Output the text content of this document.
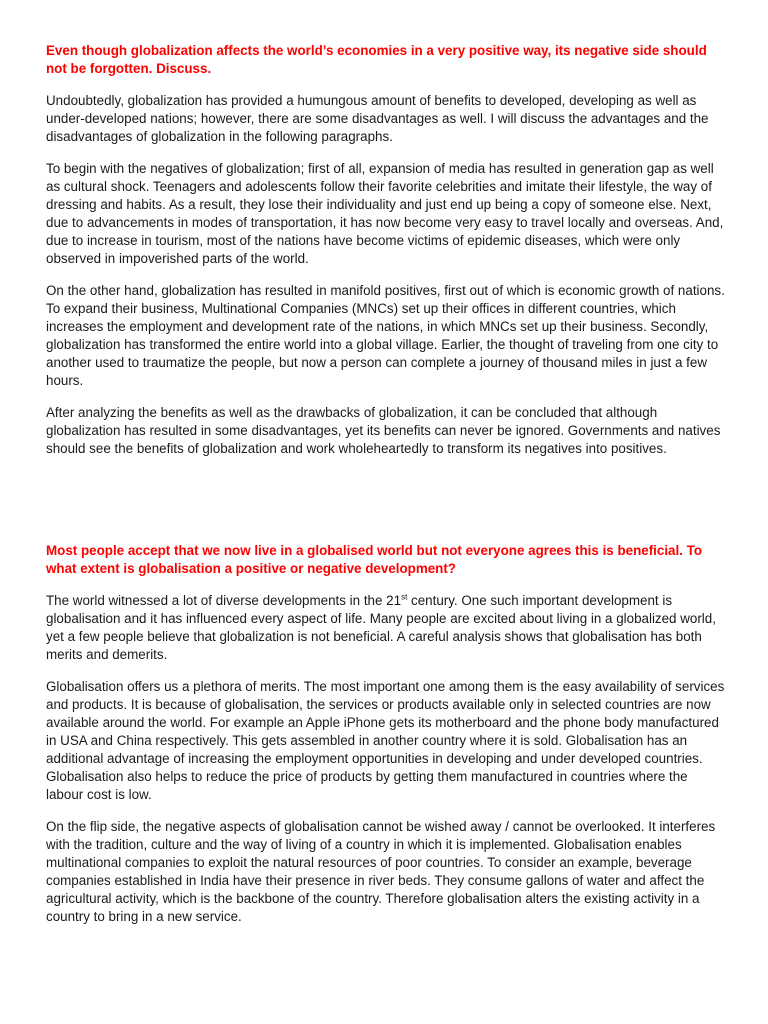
Even though globalization affects the world’s economies in a very positive way, its negative side should not be forgotten. Discuss.

Undoubtedly, globalization has provided a humungous amount of benefits to developed, developing as well as under-developed nations; however, there are some disadvantages as well. I will discuss the advantages and the disadvantages of globalization in the following paragraphs.

To begin with the negatives of globalization; first of all, expansion of media has resulted in generation gap as well as cultural shock. Teenagers and adolescents follow their favorite celebrities and imitate their lifestyle, the way of dressing and habits. As a result, they lose their individuality and just end up being a copy of someone else. Next, due to advancements in modes of transportation, it has now become very easy to travel locally and overseas. And, due to increase in tourism, most of the nations have become victims of epidemic diseases, which were only observed in impoverished parts of the world.

On the other hand, globalization has resulted in manifold positives, first out of which is economic growth of nations. To expand their business, Multinational Companies (MNCs) set up their offices in different countries, which increases the employment and development rate of the nations, in which MNCs set up their business. Secondly, globalization has transformed the entire world into a global village. Earlier, the thought of traveling from one city to another used to traumatize the people, but now a person can complete a journey of thousand miles in just a few hours.

After analyzing the benefits as well as the drawbacks of globalization, it can be concluded that although globalization has resulted in some disadvantages, yet its benefits can never be ignored. Governments and natives should see the benefits of globalization and work wholeheartedly to transform its negatives into positives.

Most people accept that we now live in a globalised world but not everyone agrees this is beneficial. To what extent is globalisation a positive or negative development?

The world witnessed a lot of diverse developments in the 21st century. One such important development is globalisation and it has influenced every aspect of life. Many people are excited about living in a globalized world, yet a few people believe that globalization is not beneficial. A careful analysis shows that globalisation has both merits and demerits.

Globalisation offers us a plethora of merits. The most important one among them is the easy availability of services and products. It is because of globalisation, the services or products available only in selected countries are now available around the world. For example an Apple iPhone gets its motherboard and the phone body manufactured in USA and China respectively. This gets assembled in another country where it is sold. Globalisation has an additional advantage of increasing the employment opportunities in developing and under developed countries. Globalisation also helps to reduce the price of products by getting them manufactured in countries where the labour cost is low.

On the flip side, the negative aspects of globalisation cannot be wished away / cannot be overlooked. It interferes with the tradition, culture and the way of living of a country in which it is implemented. Globalisation enables multinational companies to exploit the natural resources of poor countries. To consider an example, beverage companies established in India have their presence in river beds. They consume gallons of water and affect the agricultural activity, which is the backbone of the country. Therefore globalisation alters the existing activity in a country to bring in a new service.
